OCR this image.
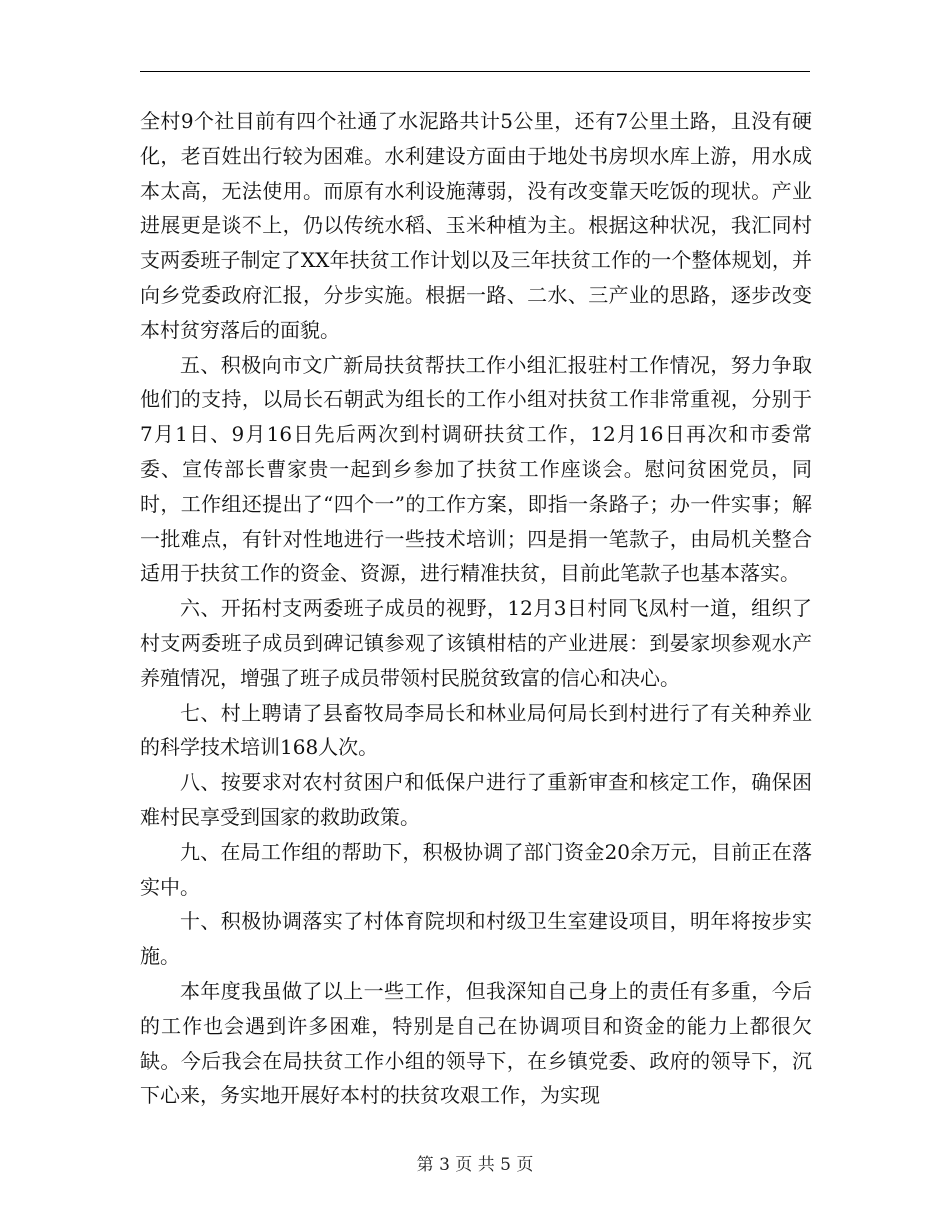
全村9个社目前有四个社通了水泥路共计5公里，还有7公里土路，且没有硬化，老百姓出行较为困难。水利建设方面由于地处书房坝水库上游，用水成本太高，无法使用。而原有水利设施薄弱，没有改变靠天吃饭的现状。产业进展更是谈不上，仍以传统水稻、玉米种植为主。根据这种状况，我汇同村支两委班子制定了XX年扶贫工作计划以及三年扶贫工作的一个整体规划，并向乡党委政府汇报，分步实施。根据一路、二水、三产业的思路，逐步改变本村贫穷落后的面貌。

五、积极向市文广新局扶贫帮扶工作小组汇报驻村工作情况，努力争取他们的支持，以局长石朝武为组长的工作小组对扶贫工作非常重视，分别于7月1日、9月16日先后两次到村调研扶贫工作，12月16日再次和市委常委、宣传部长曹家贵一起到乡参加了扶贫工作座谈会。慰问贫困党员，同时，工作组还提出了“四个一”的工作方案，即指一条路子；办一件实事；解一批难点，有针对性地进行一些技术培训；四是捐一笔款子，由局机关整合适用于扶贫工作的资金、资源，进行精准扶贫，目前此笔款子也基本落实。

六、开拓村支两委班子成员的视野，12月3日村同飞凤村一道，组织了村支两委班子成员到碑记镇参观了该镇柑桔的产业进展：到晏家坝参观水产养殖情况，增强了班子成员带领村民脱贫致富的信心和决心。

七、村上聘请了县畜牧局李局长和林业局何局长到村进行了有关种养业的科学技术培训168人次。

八、按要求对农村贫困户和低保户进行了重新审查和核定工作，确保困难村民享受到国家的救助政策。

九、在局工作组的帮助下，积极协调了部门资金20余万元，目前正在落实中。

十、积极协调落实了村体育院坝和村级卫生室建设项目，明年将按步实施。

本年度我虽做了以上一些工作，但我深知自己身上的责任有多重，今后的工作也会遇到许多困难，特别是自己在协调项目和资金的能力上都很欠缺。今后我会在局扶贫工作小组的领导下，在乡镇党委、政府的领导下，沉下心来，务实地开展好本村的扶贫攻艰工作，为实现

第 3 页 共 5 页
